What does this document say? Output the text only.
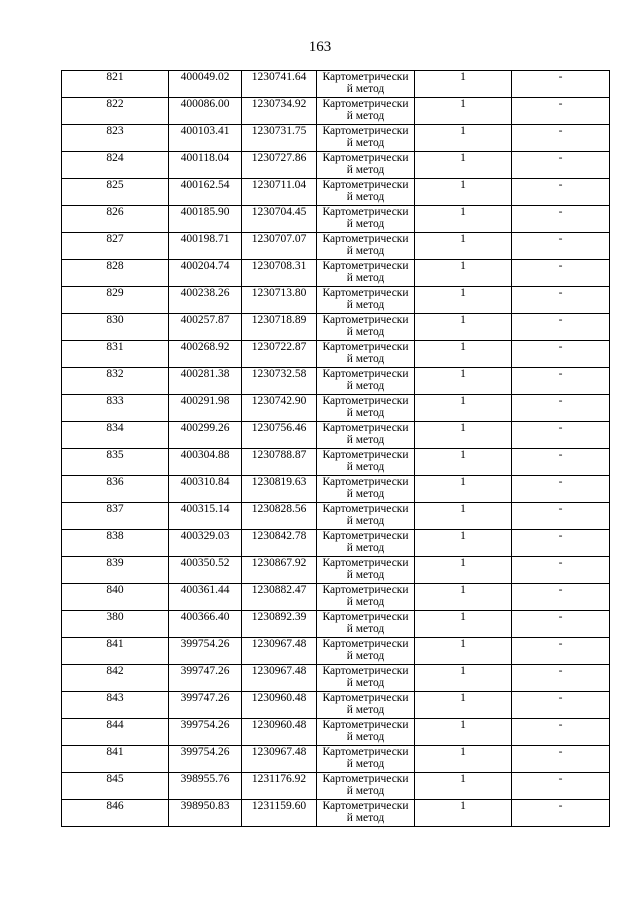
163
821	400049.02	1230741.64	Картометрически
й метод	1	-
822	400086.00	1230734.92	Картометрически
й метод	1	-
823	400103.41	1230731.75	Картометрически
й метод	1	-
824	400118.04	1230727.86	Картометрически
й метод	1	-
825	400162.54	1230711.04	Картометрически
й метод	1	-
826	400185.90	1230704.45	Картометрически
й метод	1	-
827	400198.71	1230707.07	Картометрически
й метод	1	-
828	400204.74	1230708.31	Картометрически
й метод	1	-
829	400238.26	1230713.80	Картометрически
й метод	1	-
830	400257.87	1230718.89	Картометрически
й метод	1	-
831	400268.92	1230722.87	Картометрически
й метод	1	-
832	400281.38	1230732.58	Картометрически
й метод	1	-
833	400291.98	1230742.90	Картометрически
й метод	1	-
834	400299.26	1230756.46	Картометрически
й метод	1	-
835	400304.88	1230788.87	Картометрически
й метод	1	-
836	400310.84	1230819.63	Картометрически
й метод	1	-
837	400315.14	1230828.56	Картометрически
й метод	1	-
838	400329.03	1230842.78	Картометрически
й метод	1	-
839	400350.52	1230867.92	Картометрически
й метод	1	-
840	400361.44	1230882.47	Картометрически
й метод	1	-
380	400366.40	1230892.39	Картометрически
й метод	1	-
841	399754.26	1230967.48	Картометрически
й метод	1	-
842	399747.26	1230967.48	Картометрически
й метод	1	-
843	399747.26	1230960.48	Картометрически
й метод	1	-
844	399754.26	1230960.48	Картометрически
й метод	1	-
841	399754.26	1230967.48	Картометрически
й метод	1	-
845	398955.76	1231176.92	Картометрически
й метод	1	-
846	398950.83	1231159.60	Картометрически
й метод	1	-
